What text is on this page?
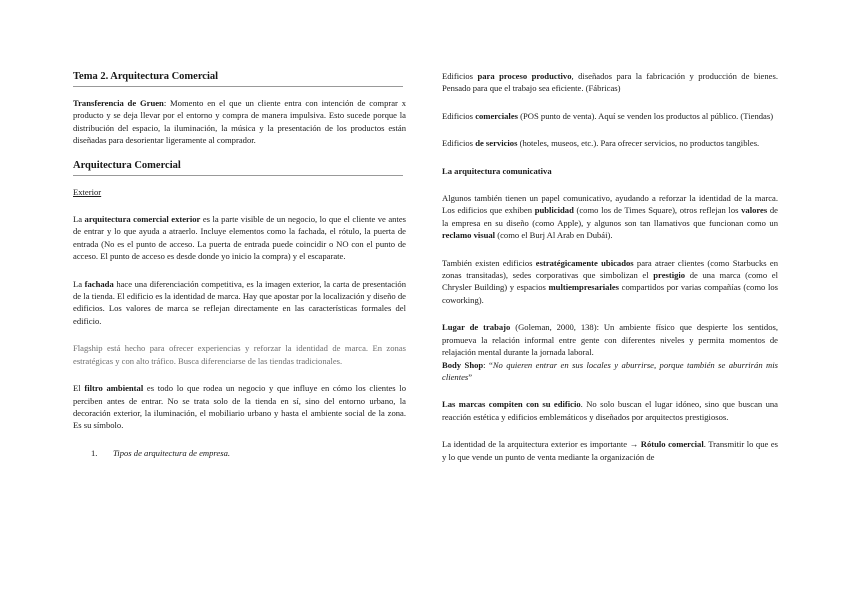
Tema 2. Arquitectura Comercial

Transferencia de Gruen: Momento en el que un cliente entra con intención de comprar x producto y se deja llevar por el entorno y compra de manera impulsiva. Esto sucede porque la distribución del espacio, la iluminación, la música y la presentación de los productos están diseñadas para desorientar ligeramente al comprador.

Arquitectura Comercial

Exterior

La arquitectura comercial exterior es la parte visible de un negocio, lo que el cliente ve antes de entrar y lo que ayuda a atraerlo. Incluye elementos como la fachada, el rótulo, la puerta de entrada (No es el punto de acceso. La puerta de entrada puede coincidir o NO con el punto de acceso. El punto de acceso es desde donde yo inicio la compra) y el escaparate.

La fachada hace una diferenciación competitiva, es la imagen exterior, la carta de presentación de la tienda. El edificio es la identidad de marca. Hay que apostar por la localización y diseño de edificios. Los valores de marca se reflejan directamente en las características formales del edificio.

Flagship está hecho para ofrecer experiencias y reforzar la identidad de marca. En zonas estratégicas y con alto tráfico. Busca diferenciarse de las tiendas tradicionales.

El filtro ambiental es todo lo que rodea un negocio y que influye en cómo los clientes lo perciben antes de entrar. No se trata solo de la tienda en sí, sino del entorno urbano, la decoración exterior, la iluminación, el mobiliario urbano y hasta el ambiente social de la zona. Es su símbolo.

1.	Tipos de arquitectura de empresa.

Edificios para proceso productivo, diseñados para la fabricación y producción de bienes. Pensado para que el trabajo sea eficiente. (Fábricas)

Edificios comerciales (POS punto de venta). Aquí se venden los productos al público. (Tiendas)

Edificios de servicios (hoteles, museos, etc.). Para ofrecer servicios, no productos tangibles.

La arquitectura comunicativa

Algunos también tienen un papel comunicativo, ayudando a reforzar la identidad de la marca. Los edificios que exhiben publicidad (como los de Times Square), otros reflejan los valores de la empresa en su diseño (como Apple), y algunos son tan llamativos que funcionan como un reclamo visual (como el Burj Al Arab en Dubái).

También existen edificios estratégicamente ubicados para atraer clientes (como Starbucks en zonas transitadas), sedes corporativas que simbolizan el prestigio de una marca (como el Chrysler Building) y espacios multiempresariales compartidos por varias compañías (como los coworking).

Lugar de trabajo (Goleman, 2000, 138): Un ambiente físico que despierte los sentidos, promueva la relación informal entre gente con diferentes niveles y permita momentos de relajación mental durante la jornada laboral.

Body Shop: “No quieren entrar en sus locales y aburrirse, porque también se aburrirán mis clientes”

Las marcas compiten con su edificio. No solo buscan el lugar idóneo, sino que buscan una reacción estética y edificios emblemáticos y diseñados por arquitectos prestigiosos.

La identidad de la arquitectura exterior es importante → Rótulo comercial. Transmitir lo que es y lo que vende un punto de venta mediante la organización de
